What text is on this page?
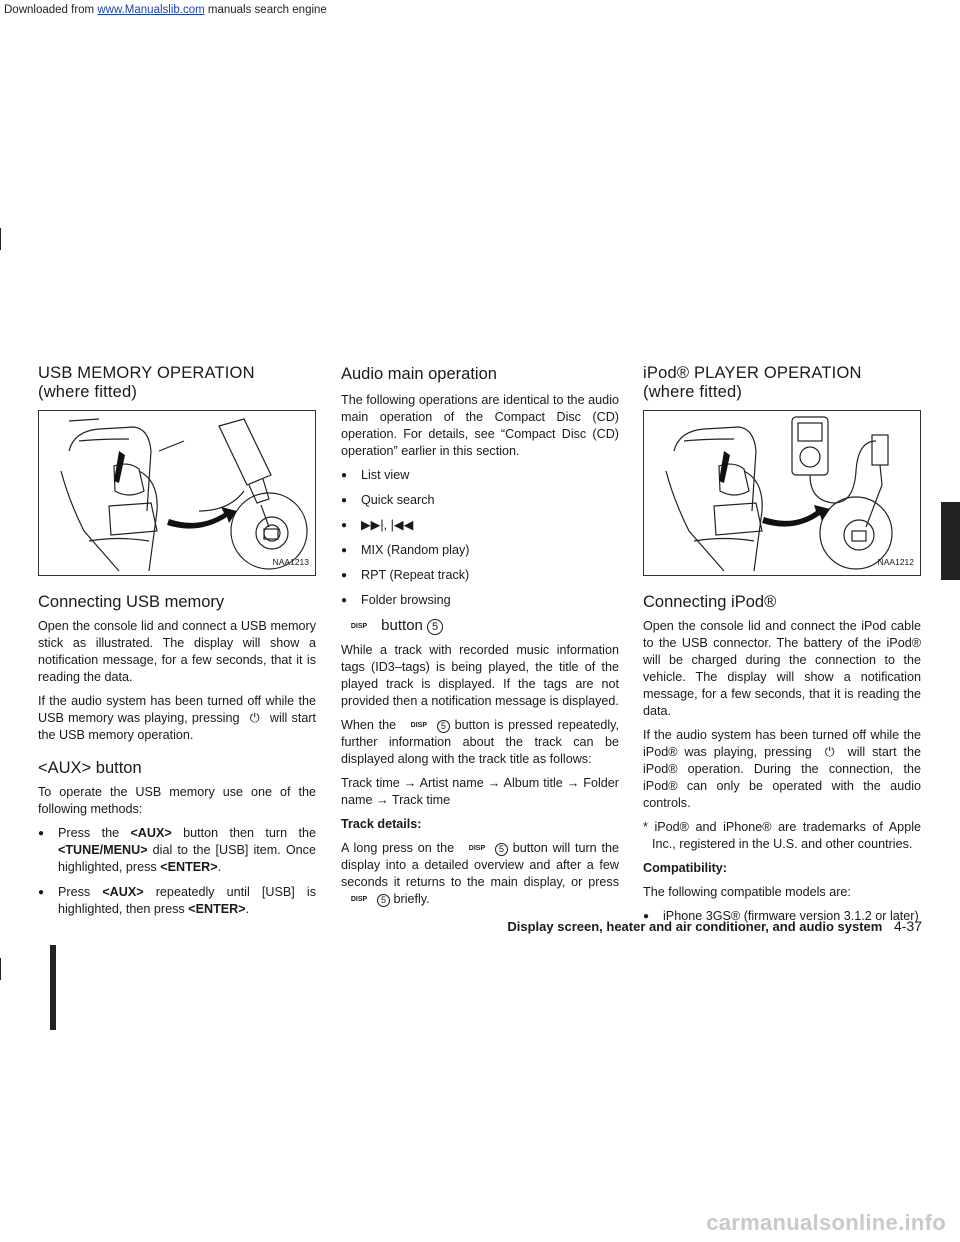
Downloaded from www.Manualslib.com manuals search engine
USB MEMORY OPERATION
(where fitted)
NAA1213
Connecting USB memory

Open the console lid and connect a USB memory stick as illustrated. The display will show a notification message, for a few seconds, that it is reading the data.

If the audio system has been turned off while the USB memory was playing, pressing ⏻ will start the USB memory operation.

<AUX> button

To operate the USB memory use one of the following methods:

●	Press the <AUX> button then turn the <TUNE/MENU> dial to the [USB] item. Once highlighted, press <ENTER>.
●	Press <AUX> repeatedly until [USB] is highlighted, then press <ENTER>.
Audio main operation

The following operations are identical to the audio main operation of the Compact Disc (CD) operation. For details, see “Compact Disc (CD) operation” earlier in this section.

●	List view
●	Quick search
●	▶▶|, |◀◀
●	MIX (Random play)
●	RPT (Repeat track)
●	Folder browsing

DISP button 5

While a track with recorded music information tags (ID3–tags) is being played, the title of the played track is displayed. If the tags are not provided then a notification message is displayed.

When the DISP 5 button is pressed repeatedly, further information about the track can be displayed along with the track title as follows:

Track time → Artist name → Album title → Folder name → Track time

Track details:

A long press on the DISP 5 button will turn the display into a detailed overview and after a few seconds it returns to the main display, or press DISP 5 briefly.

iPod® PLAYER OPERATION
(where fitted)
NAA1212
Connecting iPod®

Open the console lid and connect the iPod cable to the USB connector. The battery of the iPod® will be charged during the connection to the vehicle. The display will show a notification message, for a few seconds, that it is reading the data.

If the audio system has been turned off while the iPod® was playing, pressing ⏻ will start the iPod® operation. During the connection, the iPod® can only be operated with the audio controls.

* iPod® and iPhone® are trademarks of Apple Inc., registered in the U.S. and other countries.

Compatibility:

The following compatible models are:

●	iPhone 3GS® (firmware version 3.1.2 or later)
Display screen, heater and air conditioner, and audio system 4-37
carmanualsonline.info
